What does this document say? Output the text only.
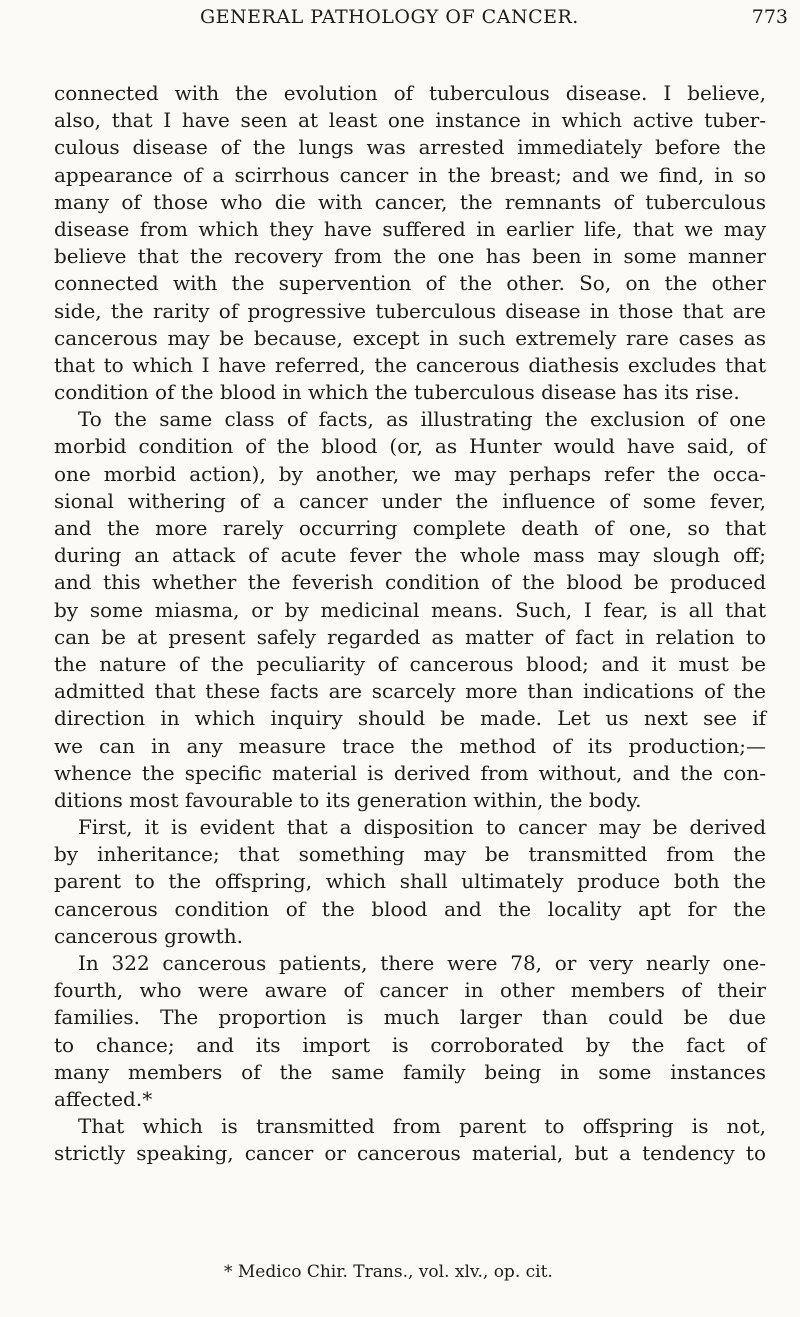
GENERAL PATHOLOGY OF CANCER.	773
connected with the evolution of tuberculous disease. I believe,
also, that I have seen at least one instance in which active tuber-
culous disease of the lungs was arrested immediately before the
appearance of a scirrhous cancer in the breast; and we find, in so
many of those who die with cancer, the remnants of tuberculous
disease from which they have suffered in earlier life, that we may
believe that the recovery from the one has been in some manner
connected with the supervention of the other. So, on the other
side, the rarity of progressive tuberculous disease in those that are
cancerous may be because, except in such extremely rare cases as
that to which I have referred, the cancerous diathesis excludes that
condition of the blood in which the tuberculous disease has its rise.
To the same class of facts, as illustrating the exclusion of one
morbid condition of the blood (or, as Hunter would have said, of
one morbid action), by another, we may perhaps refer the occa-
sional withering of a cancer under the influence of some fever,
and the more rarely occurring complete death of one, so that
during an attack of acute fever the whole mass may slough off;
and this whether the feverish condition of the blood be produced
by some miasma, or by medicinal means. Such, I fear, is all that
can be at present safely regarded as matter of fact in relation to
the nature of the peculiarity of cancerous blood; and it must be
admitted that these facts are scarcely more than indications of the
direction in which inquiry should be made. Let us next see if
we can in any measure trace the method of its production;—
whence the specific material is derived from without, and the con-
ditions most favourable to its generation within, the body.
First, it is evident that a disposition to cancer may be derived
by inheritance; that something may be transmitted from the
parent to the offspring, which shall ultimately produce both the
cancerous condition of the blood and the locality apt for the
cancerous growth.
In 322 cancerous patients, there were 78, or very nearly one-
fourth, who were aware of cancer in other members of their
families. The proportion is much larger than could be due
to chance; and its import is corroborated by the fact of
many members of the same family being in some instances
affected.*
That which is transmitted from parent to offspring is not,
strictly speaking, cancer or cancerous material, but a tendency to
* Medico Chir. Trans., vol. xlv., op. cit.
